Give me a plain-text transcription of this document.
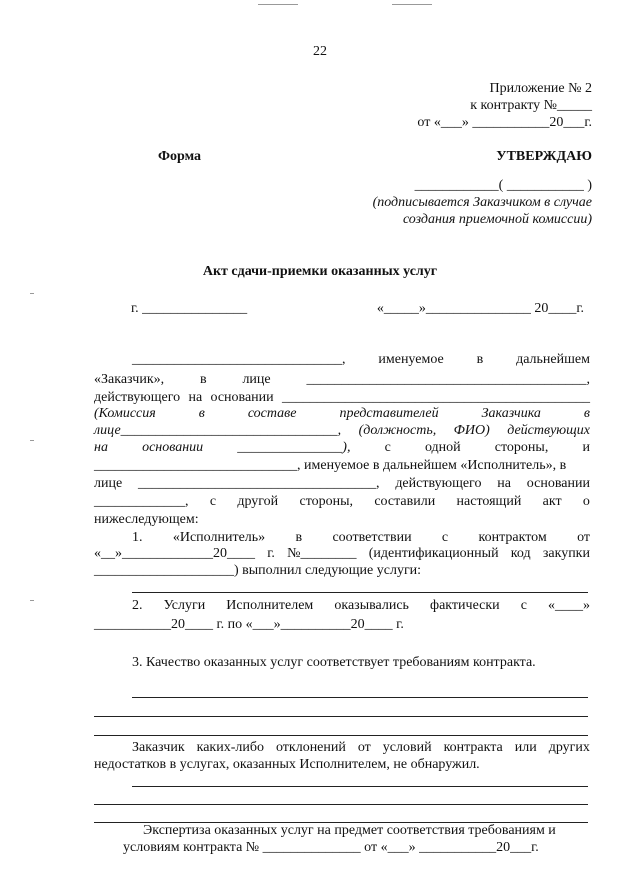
22
Приложение № 2
к контракту №_____
от «___» ___________20___г.
Форма	УТВЕРЖДАЮ
____________( ___________ )
(подписывается Заказчиком в случае
создания приемочной комиссии)
Акт сдачи-приемки оказанных услуг
г. _______________	«_____»_______________ 20____г.
______________________________, именуемое в дальнейшем
«Заказчик»,	в	лице	________________________________________,
действующего на основании ____________________________________________
(Комиссия	в	составе	представителей	Заказчика	в
лице_______________________________, (должность, ФИО) действующих
на основании _______________), с одной стороны, и
_____________________________, именуемое в дальнейшем «Исполнитель», в
лице __________________________________, действующего на основании
_____________, с другой стороны, составили настоящий акт о
нижеследующем:
1. «Исполнитель» в соответствии с контрактом от
«__»_____________20____ г. №________ (идентификационный код закупки
____________________) выполнил следующие услуги:
2. Услуги Исполнителем оказывались фактически с «____»
___________20____ г. по «___»__________20____ г.
3. Качество оказанных услуг соответствует требованиям контракта.
Заказчик каких-либо отклонений от условий контракта или других
недостатков в услугах, оказанных Исполнителем, не обнаружил.
Экспертиза оказанных услуг на предмет соответствия требованиям и
условиям контракта № ______________ от «___» ___________20___г.
